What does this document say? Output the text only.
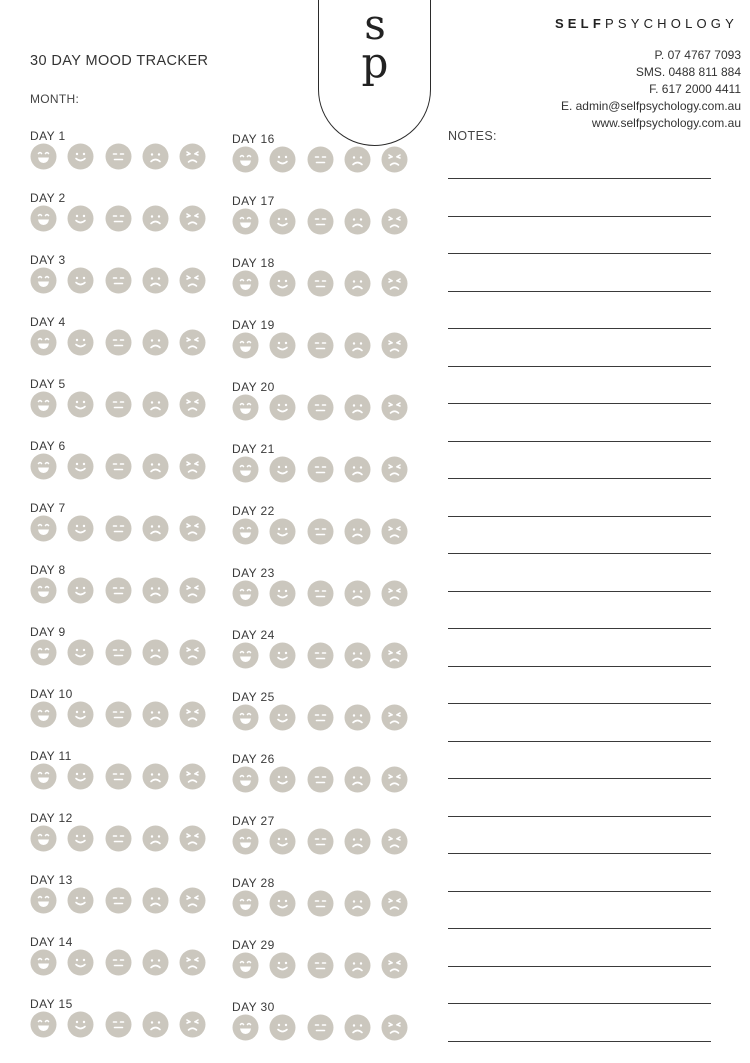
30 DAY MOOD TRACKER
MONTH:
s
p
SELFPSYCHOLOGY
P. 07 4767 7093
SMS. 0488 811 884
F. 617 2000 4411
E. admin@selfpsychology.com.au
www.selfpsychology.com.au
NOTES:
DAY 1
DAY 2
DAY 3
DAY 4
DAY 5
DAY 6
DAY 7
DAY 8
DAY 9
DAY 10
DAY 11
DAY 12
DAY 13
DAY 14
DAY 15
DAY 16
DAY 17
DAY 18
DAY 19
DAY 20
DAY 21
DAY 22
DAY 23
DAY 24
DAY 25
DAY 26
DAY 27
DAY 28
DAY 29
DAY 30
